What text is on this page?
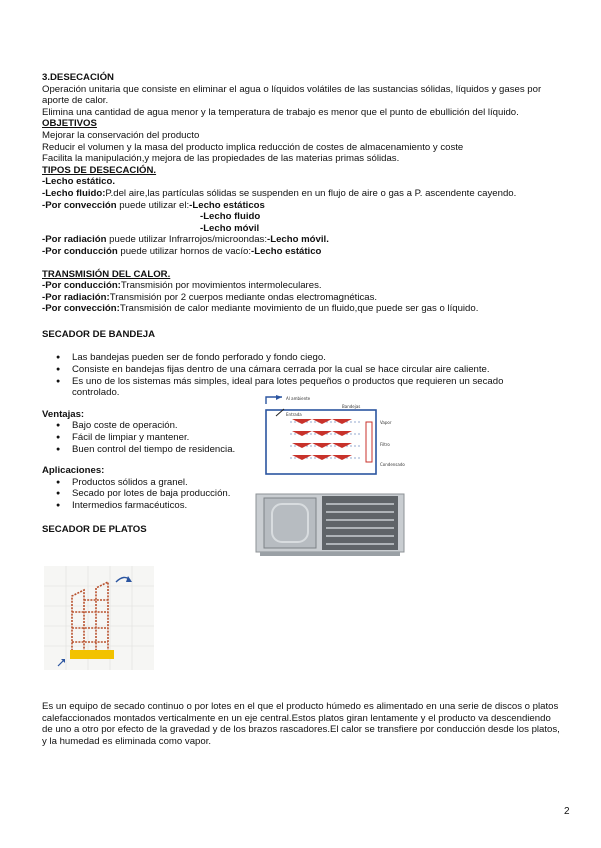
3.DESECACIÓN

Operación unitaria que consiste en eliminar el agua o líquidos volátiles de las sustancias sólidas, líquidos y gases por aporte de calor.

Elimina una cantidad de agua menor y la temperatura de trabajo es menor que el punto de ebullición del líquido.

OBJETIVOS

Mejorar la conservación del producto

Reducir el volumen y la masa del producto implica reducción de costes de almacenamiento y coste

Facilita la manipulación,y mejora de las propiedades de las materias primas sólidas.

TIPOS DE DESECACIÓN.

-Lecho estático.

-Lecho fluido:P.del aire,las partículas sólidas se suspenden en un flujo de aire o gas a P. ascendente cayendo.

-Por convección puede utilizar el:-Lecho estáticos

-Lecho fluido

-Lecho móvil

-Por radiación puede utilizar Infrarrojos/microondas:-Lecho móvil.

-Por conducción puede utilizar hornos de vacío:-Lecho estático

TRANSMISIÓN DEL CALOR.

-Por conducción:Transmisión por movimientos intermoleculares.

-Por radiación:Transmisión por 2 cuerpos mediante ondas electromagnéticas.

-Por convección:Transmisión de calor mediante movimiento de un fluido,que puede ser gas o líquido.

SECADOR DE BANDEJA

● Las bandejas pueden ser de fondo perforado y fondo ciego.
● Consiste en bandejas fijas dentro de una cámara cerrada por la cual se hace circular aire caliente.
● Es uno de los sistemas más simples, ideal para lotes pequeños o productos que requieren un secado controlado.

Ventajas:

● Bajo coste de operación.
● Fácil de limpiar y mantener.
● Buen control del tiempo de residencia.

Aplicaciones:

● Productos sólidos a granel.
● Secado por lotes de baja producción.
● Intermedios farmacéuticos.

SECADOR DE PLATOS

Al ambiente
Entrada
Bandejas
Vapor
Filtro
Condensado

Es un equipo de secado continuo o por lotes en el que el producto húmedo es alimentado en una serie de discos o platos calefaccionados montados verticalmente en un eje central.Estos platos giran lentamente y el producto va descendiendo de uno a otro por efecto de la gravedad y de los brazos rascadores.El calor se transfiere por conducción desde los platos, y la humedad es eliminada como vapor.

2
